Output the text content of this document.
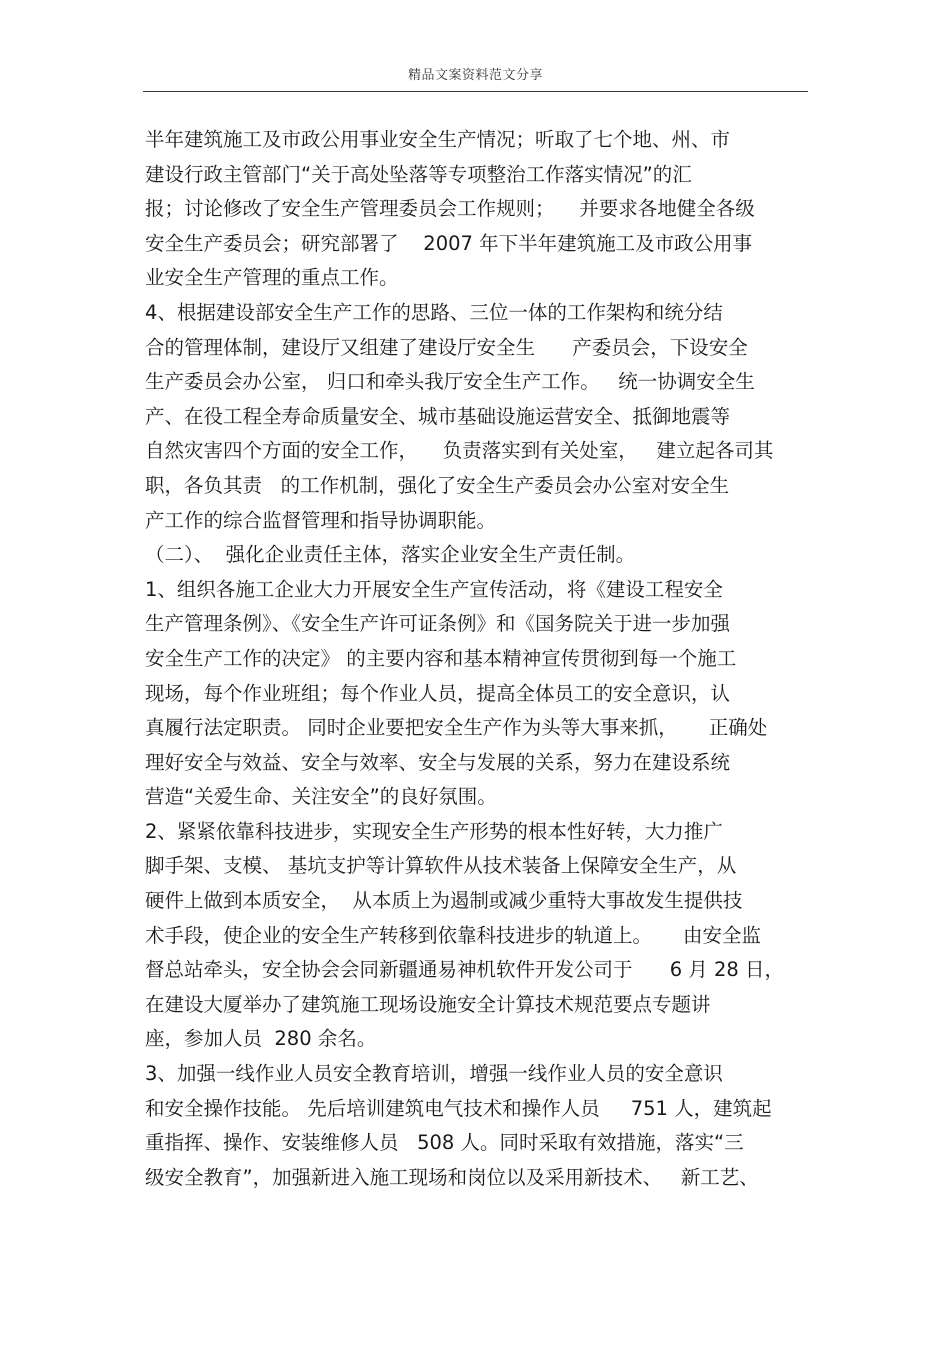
精品文案资料范文分享
半年建筑施工及市政公用事业安全生产情况；听取了七个地、州、市
建设行政主管部门“关于高处坠落等专项整治工作落实情况”的汇
报；讨论修改了安全生产管理委员会工作规则；    并要求各地健全各级
安全生产委员会；研究部署了    2007 年下半年建筑施工及市政公用事
业安全生产管理的重点工作。
4、根据建设部安全生产工作的思路、三位一体的工作架构和统分结
合的管理体制，建设厅又组建了建设厅安全生      产委员会，下设安全
生产委员会办公室， 归口和牵头我厅安全生产工作。   统一协调安全生
产、在役工程全寿命质量安全、城市基础设施运营安全、抵御地震等
自然灾害四个方面的安全工作，    负责落实到有关处室，   建立起各司其
职，各负其责   的工作机制，强化了安全生产委员会办公室对安全生
产工作的综合监督管理和指导协调职能。
（二）、  强化企业责任主体，落实企业安全生产责任制。
1、组织各施工企业大力开展安全生产宣传活动，将《建设工程安全
生产管理条例》、《安全生产许可证条例》和《国务院关于进一步加强
安全生产工作的决定》 的主要内容和基本精神宣传贯彻到每一个施工
现场，每个作业班组；每个作业人员，提高全体员工的安全意识，认
真履行法定职责。 同时企业要把安全生产作为头等大事来抓，     正确处
理好安全与效益、安全与效率、安全与发展的关系，努力在建设系统
营造“关爱生命、关注安全”的良好氛围。
2、紧紧依靠科技进步，实现安全生产形势的根本性好转，大力推广
脚手架、支模、 基坑支护等计算软件从技术装备上保障安全生产，从
硬件上做到本质安全，  从本质上为遏制或减少重特大事故发生提供技
术手段，使企业的安全生产转移到依靠科技进步的轨道上。     由安全监
督总站牵头，安全协会会同新疆通易神机软件开发公司于      6 月 28 日，
在建设大厦举办了建筑施工现场设施安全计算技术规范要点专题讲
座，参加人员  280 余名。
3、加强一线作业人员安全教育培训，增强一线作业人员的安全意识
和安全操作技能。 先后培训建筑电气技术和操作人员     751 人，建筑起
重指挥、操作、安装维修人员   508 人。同时采取有效措施，落实“三
级安全教育”，加强新进入施工现场和岗位以及采用新技术、   新工艺、
